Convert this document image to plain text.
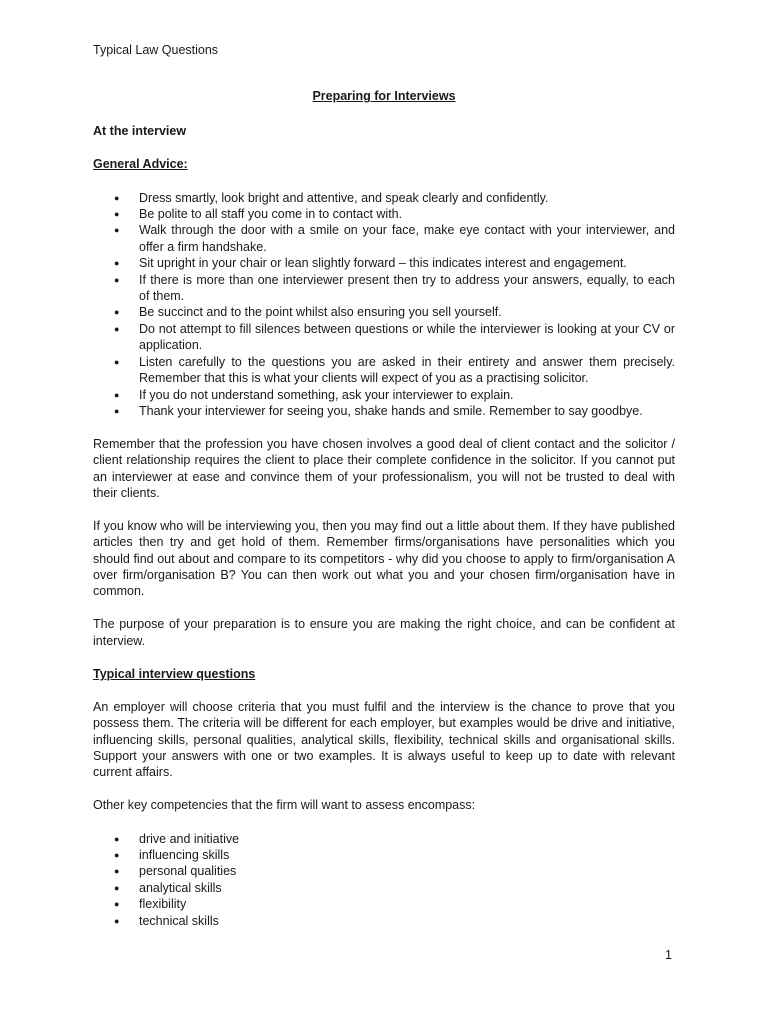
Typical Law Questions

Preparing for Interviews

At the interview

General Advice:

● Dress smartly, look bright and attentive, and speak clearly and confidently.
● Be polite to all staff you come in to contact with.
● Walk through the door with a smile on your face, make eye contact with your interviewer, and offer a firm handshake.
● Sit upright in your chair or lean slightly forward – this indicates interest and engagement.
● If there is more than one interviewer present then try to address your answers, equally, to each of them.
● Be succinct and to the point whilst also ensuring you sell yourself.
● Do not attempt to fill silences between questions or while the interviewer is looking at your CV or application.
● Listen carefully to the questions you are asked in their entirety and answer them precisely. Remember that this is what your clients will expect of you as a practising solicitor.
● If you do not understand something, ask your interviewer to explain.
● Thank your interviewer for seeing you, shake hands and smile. Remember to say goodbye.

Remember that the profession you have chosen involves a good deal of client contact and the solicitor / client relationship requires the client to place their complete confidence in the solicitor. If you cannot put an interviewer at ease and convince them of your professionalism, you will not be trusted to deal with their clients.

If you know who will be interviewing you, then you may find out a little about them. If they have published articles then try and get hold of them. Remember firms/organisations have personalities which you should find out about and compare to its competitors - why did you choose to apply to firm/organisation A over firm/organisation B? You can then work out what you and your chosen firm/organisation have in common.

The purpose of your preparation is to ensure you are making the right choice, and can be confident at interview.

Typical interview questions

An employer will choose criteria that you must fulfil and the interview is the chance to prove that you possess them. The criteria will be different for each employer, but examples would be drive and initiative, influencing skills, personal qualities, analytical skills, flexibility, technical skills and organisational skills. Support your answers with one or two examples. It is always useful to keep up to date with relevant current affairs.

Other key competencies that the firm will want to assess encompass:

● drive and initiative
● influencing skills
● personal qualities
● analytical skills
● flexibility
● technical skills
1
